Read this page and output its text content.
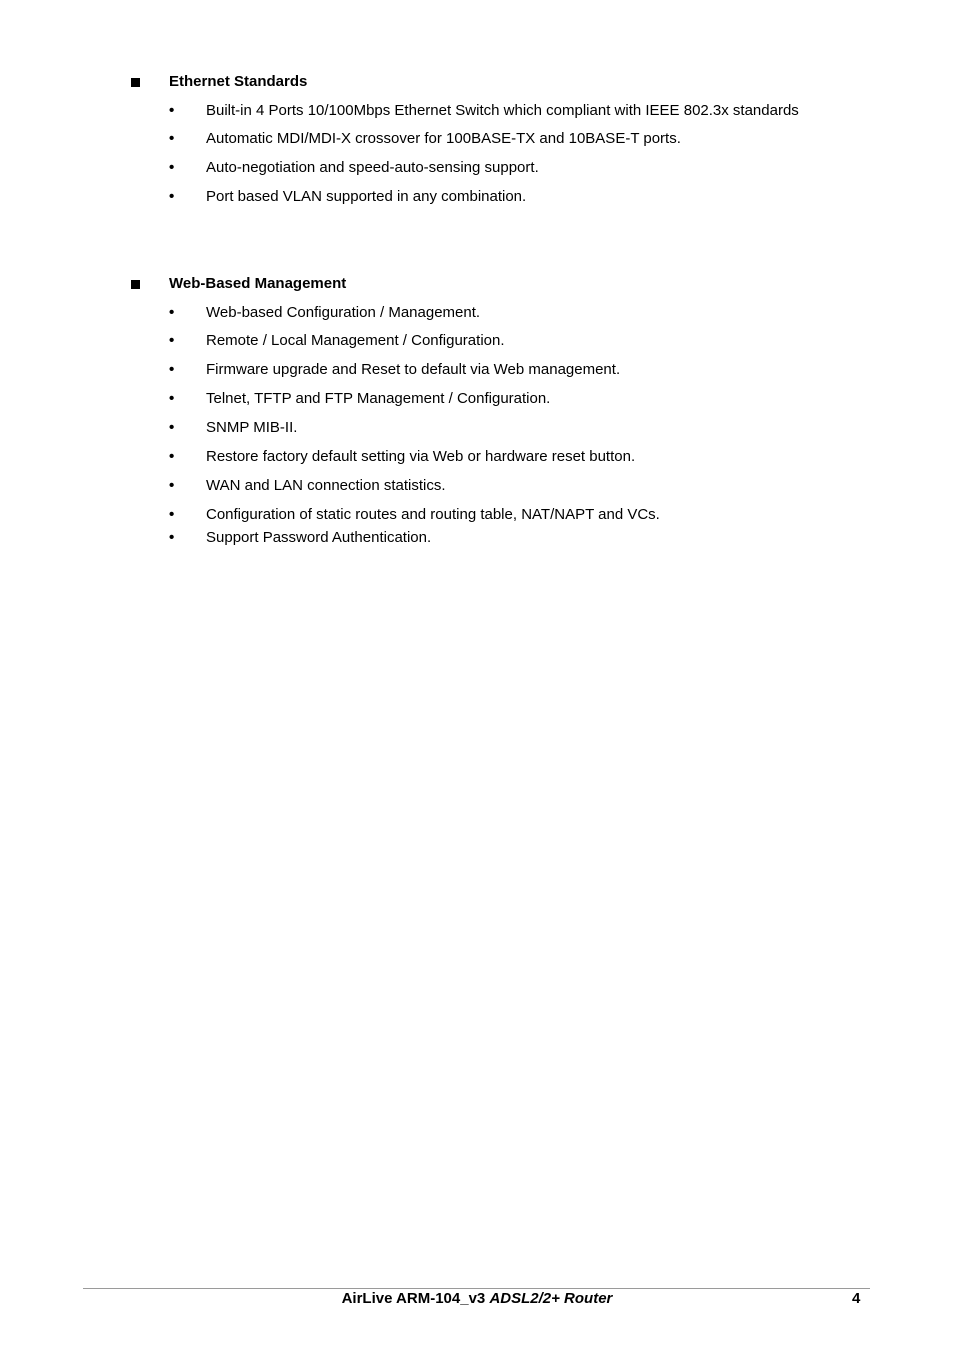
Ethernet Standards
• Built-in 4 Ports 10/100Mbps Ethernet Switch which compliant with IEEE 802.3x standards
• Automatic MDI/MDI-X crossover for 100BASE-TX and 10BASE-T ports.
• Auto-negotiation and speed-auto-sensing support.
• Port based VLAN supported in any combination.
Web-Based Management
• Web-based Configuration / Management.
• Remote / Local Management / Configuration.
• Firmware upgrade and Reset to default via Web management.
• Telnet, TFTP and FTP Management / Configuration.
• SNMP MIB-II.
• Restore factory default setting via Web or hardware reset button.
• WAN and LAN connection statistics.
• Configuration of static routes and routing table, NAT/NAPT and VCs.
• Support Password Authentication.
AirLive ARM-104_v3 ADSL2/2+ Router	4
